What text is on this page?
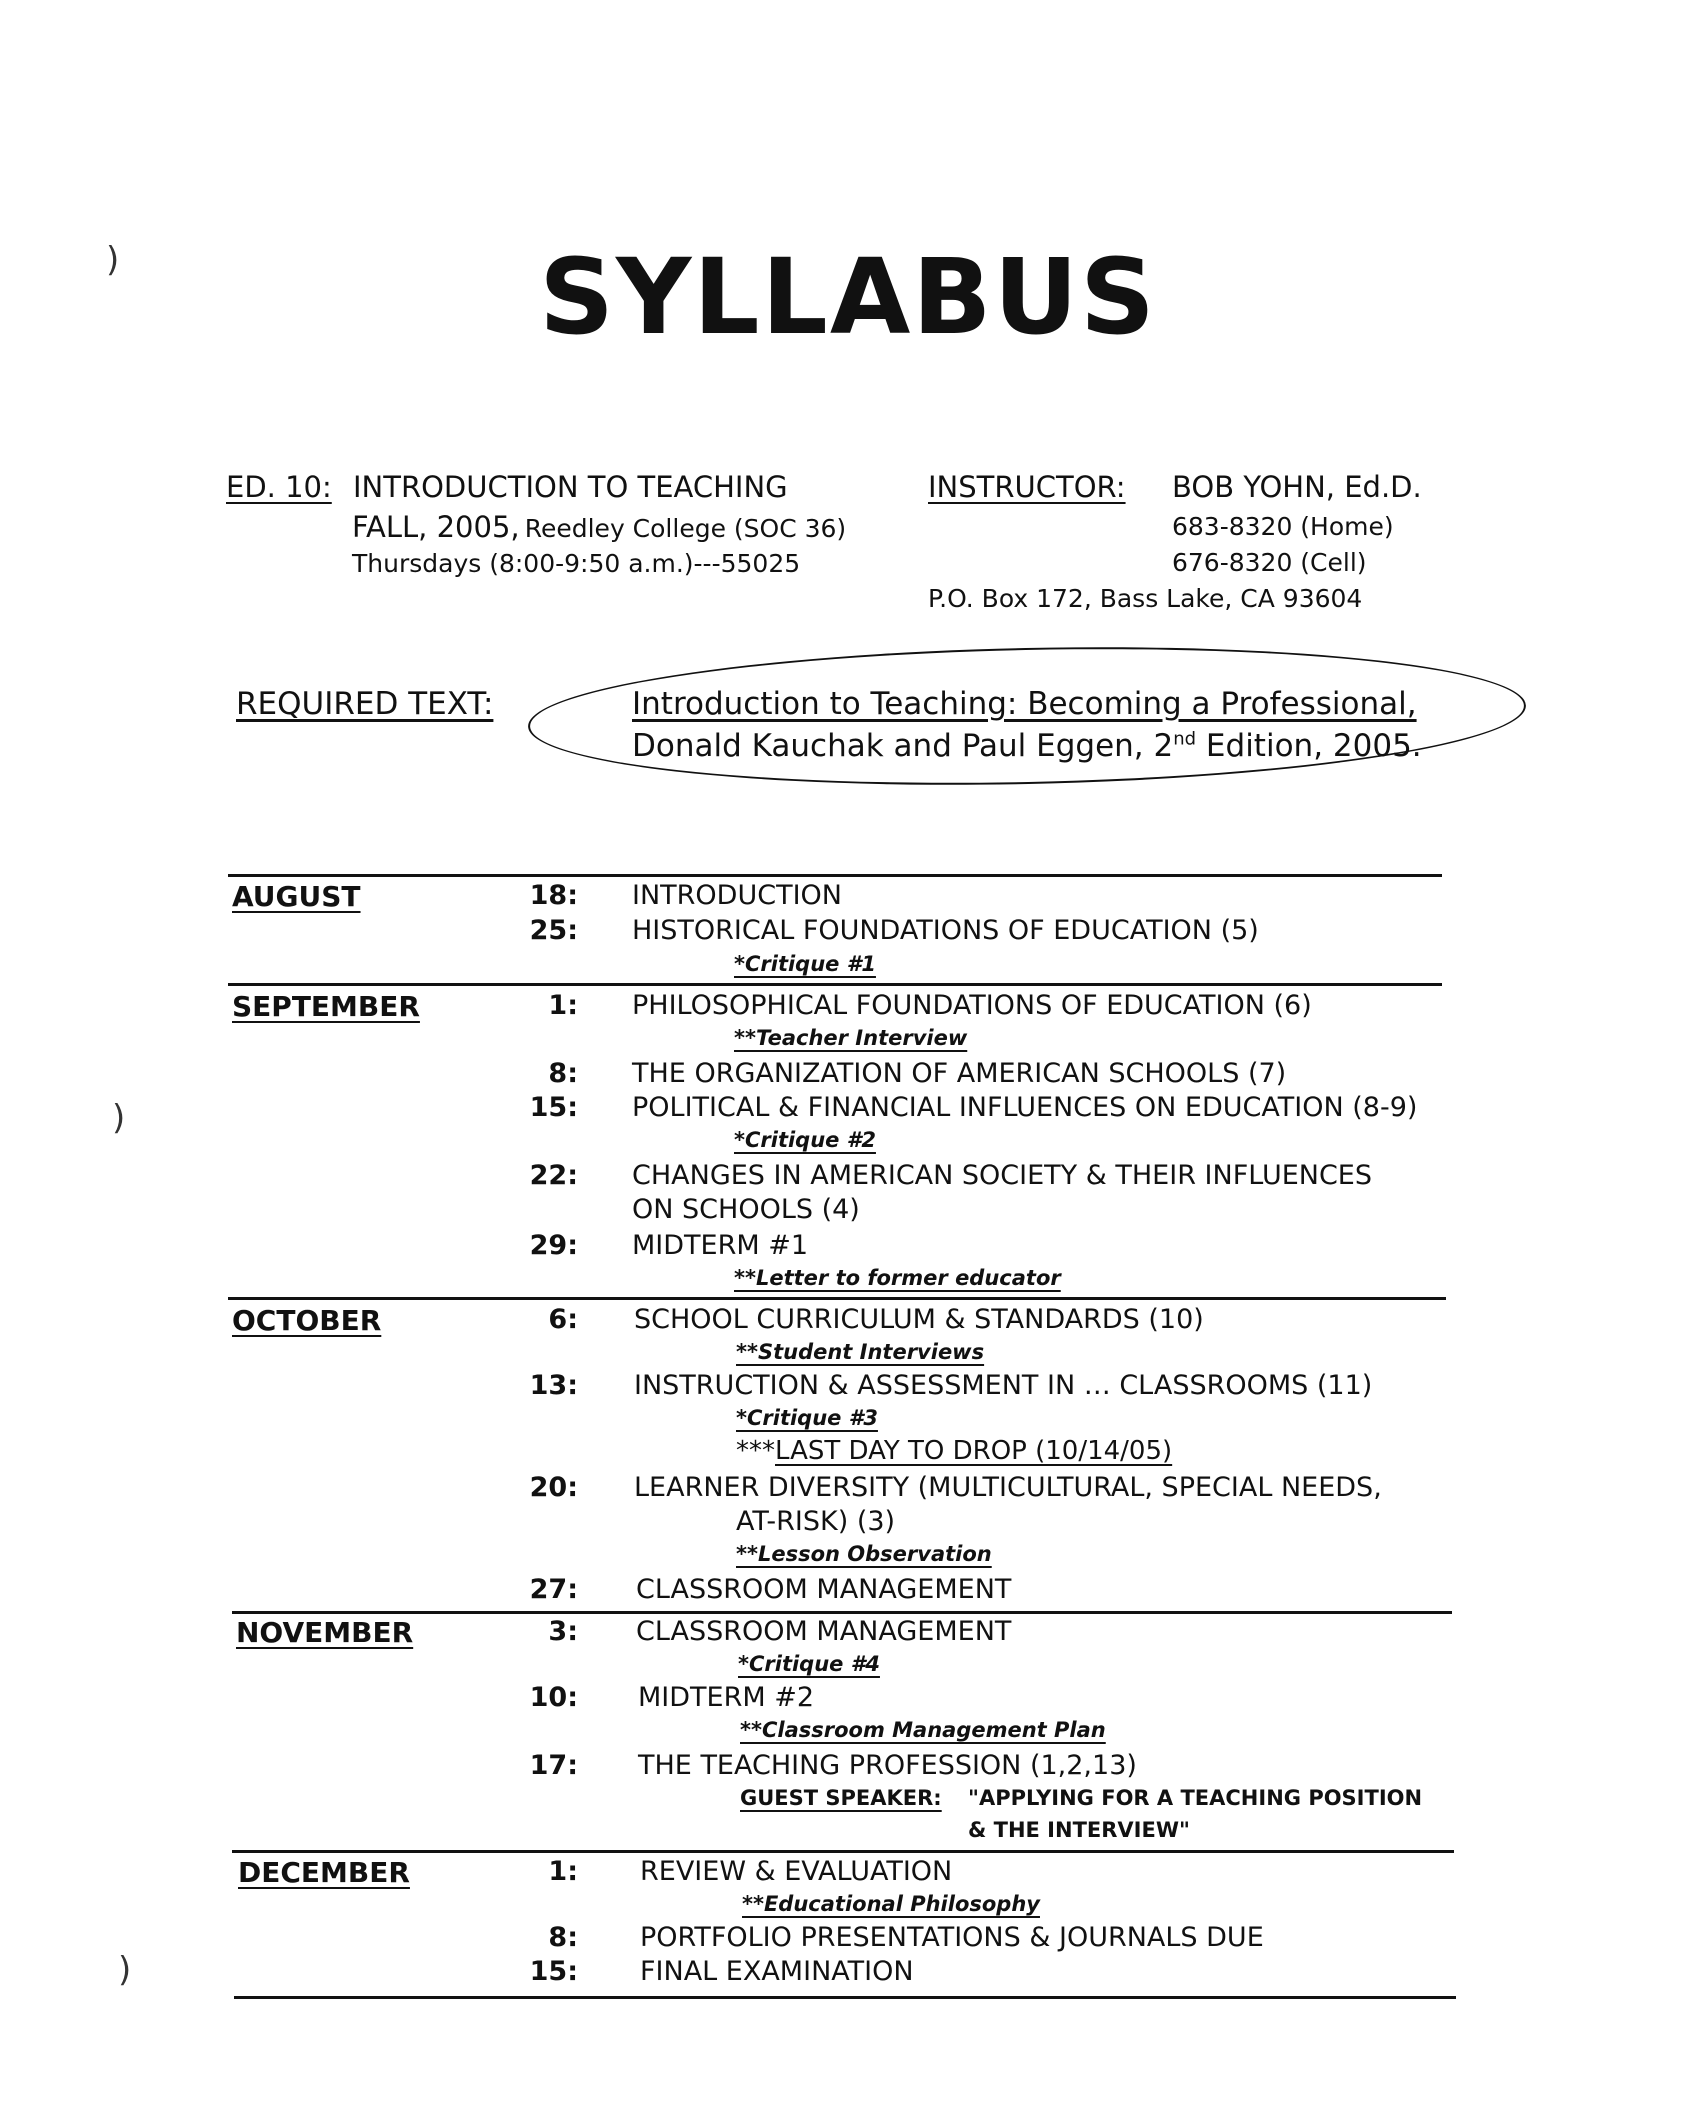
)
)
)
SYLLABUS
ED. 10: INTRODUCTION TO TEACHING
FALL, 2005, Reedley College (SOC 36)
Thursdays (8:00-9:50 a.m.)---55025
INSTRUCTOR: BOB YOHN, Ed.D.
683-8320 (Home)
676-8320 (Cell)
P.O. Box 172, Bass Lake, CA 93604
REQUIRED TEXT:	Introduction to Teaching: Becoming a Professional,
Donald Kauchak and Paul Eggen, 2nd Edition, 2005.
AUGUST
SEPTEMBER
OCTOBER
NOVEMBER
DECEMBER
18: INTRODUCTION
25: HISTORICAL FOUNDATIONS OF EDUCATION (5)
*Critique #1
1: PHILOSOPHICAL FOUNDATIONS OF EDUCATION (6)
**Teacher Interview
8: THE ORGANIZATION OF AMERICAN SCHOOLS (7)
15: POLITICAL & FINANCIAL INFLUENCES ON EDUCATION (8-9)
*Critique #2
22: CHANGES IN AMERICAN SOCIETY & THEIR INFLUENCES
ON SCHOOLS (4)
29: MIDTERM #1
**Letter to former educator
6: SCHOOL CURRICULUM & STANDARDS (10)
**Student Interviews
13: INSTRUCTION & ASSESSMENT IN … CLASSROOMS (11)
*Critique #3
***LAST DAY TO DROP (10/14/05)
20: LEARNER DIVERSITY (MULTICULTURAL, SPECIAL NEEDS,
AT-RISK) (3)
**Lesson Observation
27: CLASSROOM MANAGEMENT
3: CLASSROOM MANAGEMENT
*Critique #4
10: MIDTERM #2
**Classroom Management Plan
17: THE TEACHING PROFESSION (1,2,13)
GUEST SPEAKER: "APPLYING FOR A TEACHING POSITION
& THE INTERVIEW"
1: REVIEW & EVALUATION
**Educational Philosophy
8: PORTFOLIO PRESENTATIONS & JOURNALS DUE
15: FINAL EXAMINATION
